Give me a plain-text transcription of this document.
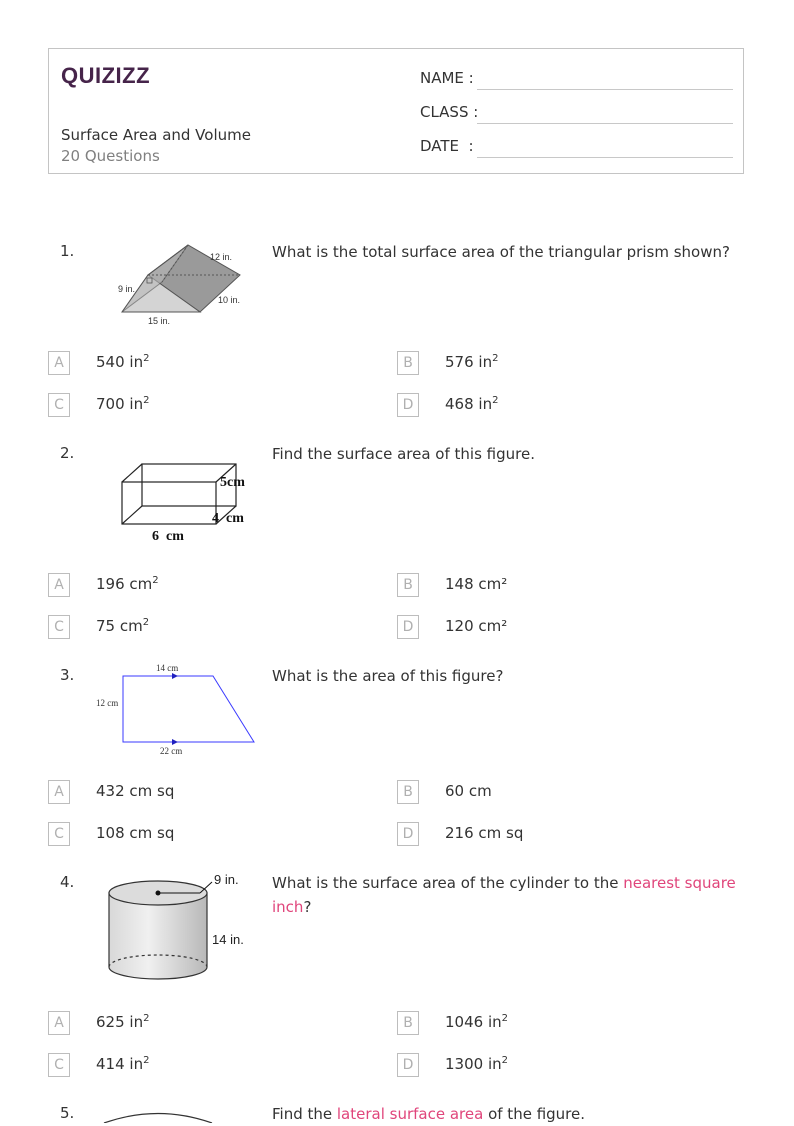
QUIZIZZ
Surface Area and Volume
20 Questions
NAME :
CLASS :
DATE  :
1.	12 in.
9 in.
10 in.
15 in.
What is the total surface area of the triangular prism shown?
A	540 $in^2$	B	576 $in^2$
C	700 $in^2$	D	468 $in^2$
2.
5cm
4  cm
6  cm
Find the surface area of this figure.
A	196 $cm^2$	B	148 cm²
C	75 $cm^2$	D	120 cm²
3.	14 cm
12 cm
22 cm
What is the area of this figure?
A	432 cm sq	B	60 cm
C	108 cm sq	D	216 cm sq
4.	9 in.
14 in.
What is the surface area of the cylinder to the nearest square inch?
A	625 $in^2$	B	1046 $in^2$
C	414 $in^2$	D	1300 $in^2$
5.	Find the lateral surface area of the figure.
